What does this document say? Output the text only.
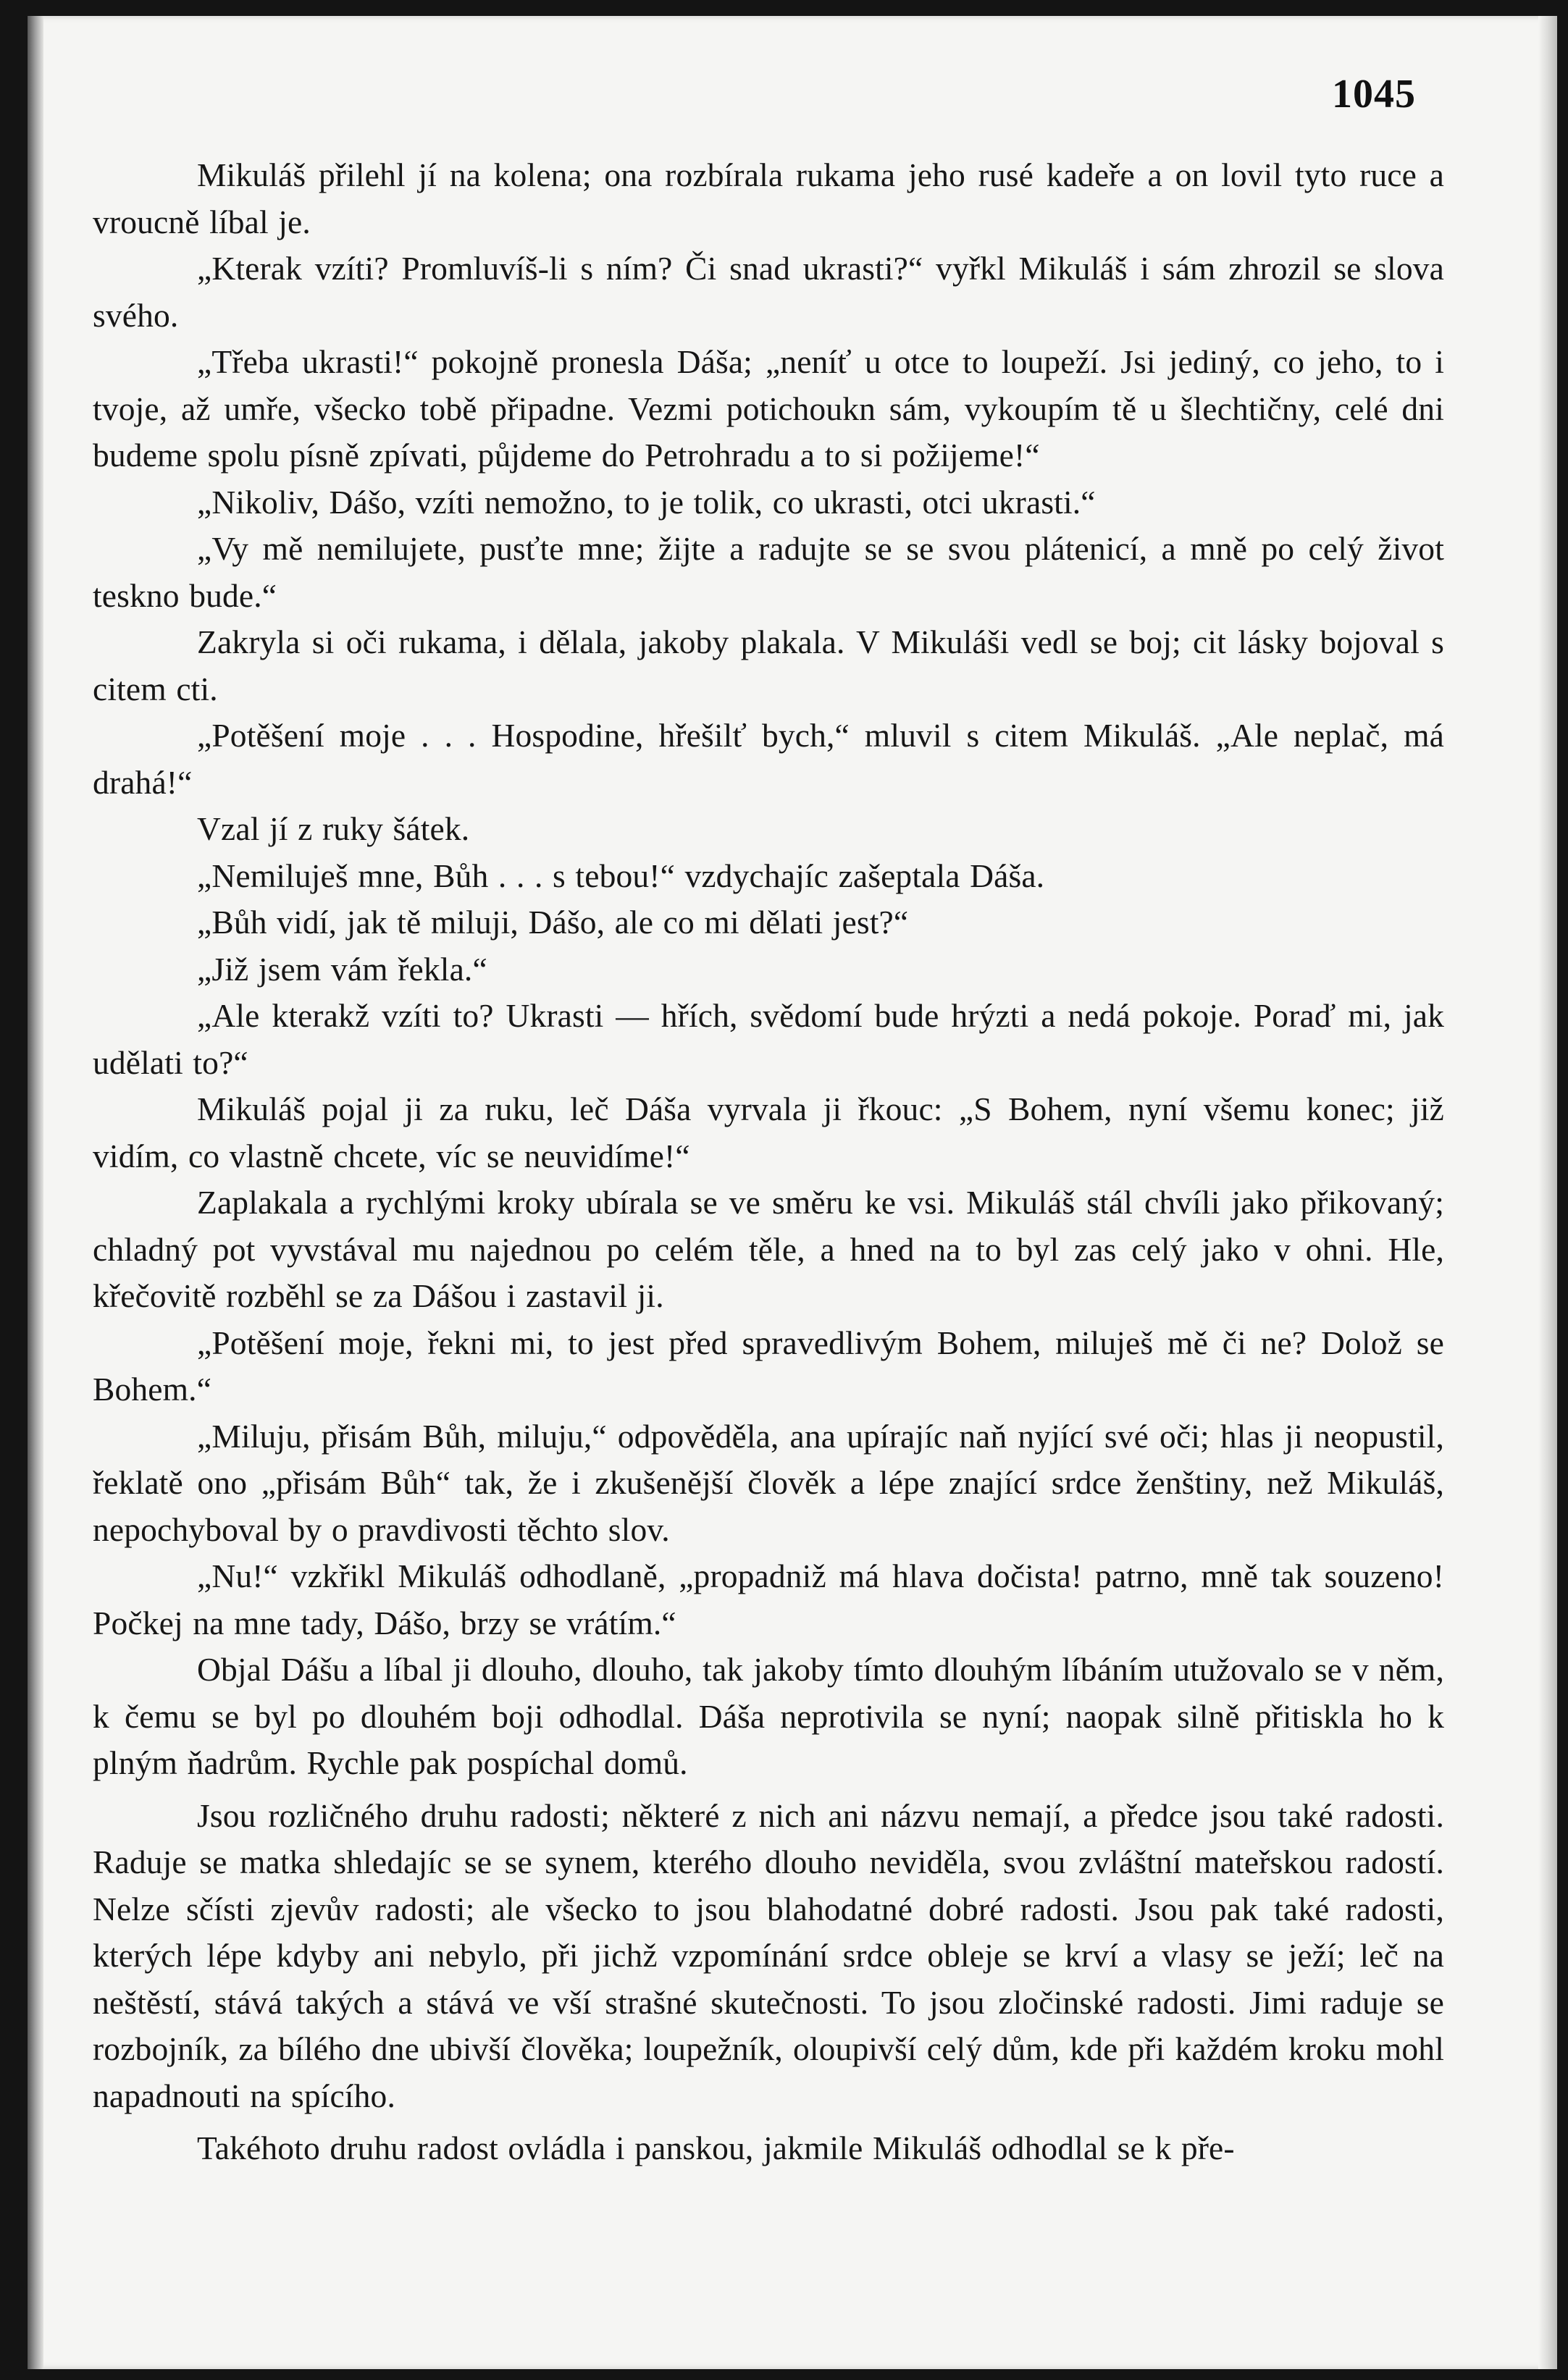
1045

Mikuláš přilehl jí na kolena; ona rozbírala rukama jeho rusé kadeře a on lovil tyto ruce a vroucně líbal je.

„Kterak vzíti? Promluvíš-li s ním? Či snad ukrasti?“ vyřkl Mikuláš i sám zhrozil se slova svého.

„Třeba ukrasti!“ pokojně pronesla Dáša; „neníť u otce to loupeží. Jsi jediný, co jeho, to i tvoje, až umře, všecko tobě připadne. Vezmi potichoukn sám, vykoupím tě u šlechtičny, celé dni budeme spolu písně zpívati, půjdeme do Petrohradu a to si požijeme!“

„Nikoliv, Dášo, vzíti nemožno, to je tolik, co ukrasti, otci ukrasti.“

„Vy mě nemilujete, pusťte mne; žijte a radujte se se svou plátenicí, a mně po celý život teskno bude.“

Zakryla si oči rukama, i dělala, jakoby plakala. V Mikuláši vedl se boj; cit lásky bojoval s citem cti.

„Potěšení moje . . . Hospodine, hřešilť bych,“ mluvil s citem Mikuláš. „Ale neplač, má drahá!“

Vzal jí z ruky šátek.

„Nemiluješ mne, Bůh . . . s tebou!“ vzdychajíc zašeptala Dáša.

„Bůh vidí, jak tě miluji, Dášo, ale co mi dělati jest?“

„Již jsem vám řekla.“

„Ale kterakž vzíti to? Ukrasti — hřích, svědomí bude hrýzti a nedá pokoje. Poraď mi, jak udělati to?“

Mikuláš pojal ji za ruku, leč Dáša vyrvala ji řkouc: „S Bohem, nyní všemu konec; již vidím, co vlastně chcete, víc se neuvidíme!“

Zaplakala a rychlými kroky ubírala se ve směru ke vsi. Mikuláš stál chvíli jako přikovaný; chladný pot vyvstával mu najednou po celém těle, a hned na to byl zas celý jako v ohni. Hle, křečovitě rozběhl se za Dášou i zastavil ji.

„Potěšení moje, řekni mi, to jest před spravedlivým Bohem, miluješ mě či ne? Dolož se Bohem.“

„Miluju, přisám Bůh, miluju,“ odpověděla, ana upírajíc naň nyjící své oči; hlas ji neopustil, řeklatě ono „přisám Bůh“ tak, že i zkušenější člověk a lépe znající srdce ženštiny, než Mikuláš, nepochyboval by o pravdivosti těchto slov.

„Nu!“ vzkřikl Mikuláš odhodlaně, „propadniž má hlava dočista! patrno, mně tak souzeno! Počkej na mne tady, Dášo, brzy se vrátím.“

Objal Dášu a líbal ji dlouho, dlouho, tak jakoby tímto dlouhým líbáním utužovalo se v něm, k čemu se byl po dlouhém boji odhodlal. Dáša neprotivila se nyní; naopak silně přitiskla ho k plným ňadrům. Rychle pak pospíchal domů.

Jsou rozličného druhu radosti; některé z nich ani názvu nemají, a předce jsou také radosti. Raduje se matka shledajíc se se synem, kterého dlouho neviděla, svou zvláštní mateřskou radostí. Nelze sčísti zjevův radosti; ale všecko to jsou blahodatné dobré radosti. Jsou pak také radosti, kterých lépe kdyby ani nebylo, při jichž vzpomínání srdce obleje se krví a vlasy se ježí; leč na neštěstí, stává takých a stává ve vší strašné skutečnosti. To jsou zločinské radosti. Jimi raduje se rozbojník, za bílého dne ubivší člověka; loupežník, oloupivší celý dům, kde při každém kroku mohl napadnouti na spícího.

Takéhoto druhu radost ovládla i panskou, jakmile Mikuláš odhodlal se k pře-
